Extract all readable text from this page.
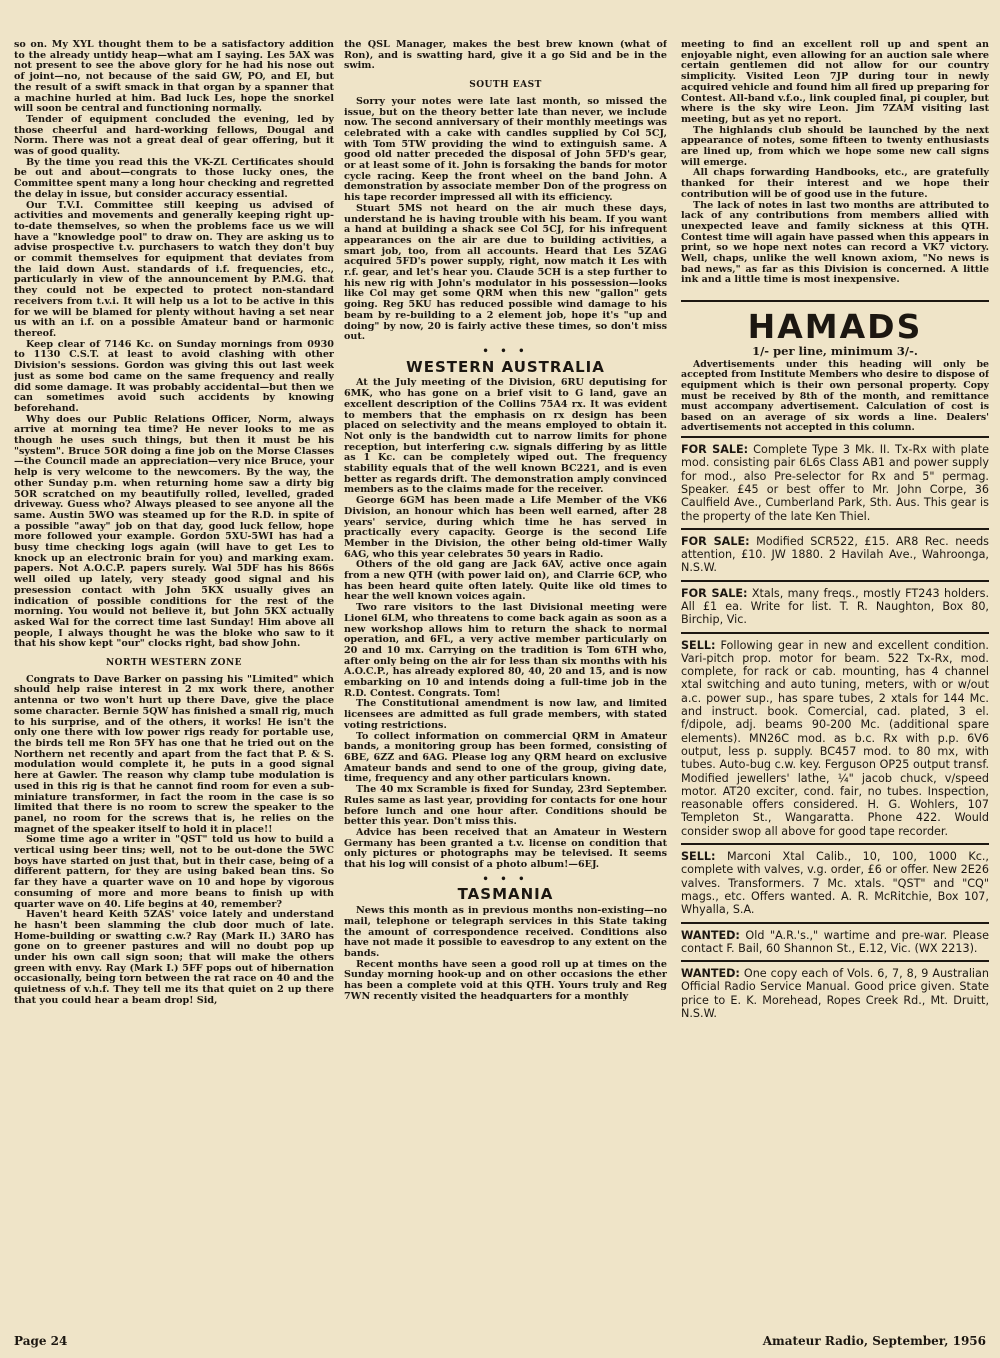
so on. My XYL thought them to be a satisfactory addition to the already untidy heap—what am I saying. Les 5AX was not present to see the above glory for he had his nose out of joint—no, not because of the said GW, PO, and EI, but the result of a swift smack in that organ by a spanner that a machine hurled at him. Bad luck Les, hope the snorkel will soon be central and functioning normally.

Tender of equipment concluded the evening, led by those cheerful and hard-working fellows, Dougal and Norm. There was not a great deal of gear offering, but it was of good quality.

By the time you read this the VK-ZL Certificates should be out and about—congrats to those lucky ones, the Committee spent many a long hour checking and regretted the delay in issue, but consider accuracy essential.

Our T.V.I. Committee still keeping us advised of activities and movements and generally keeping right up-to-date themselves, so when the problems face us we will have a "knowledge pool" to draw on. They are asking us to advise prospective t.v. purchasers to watch they don't buy or commit themselves for equipment that deviates from the laid down Aust. standards of i.f. frequencies, etc., particularly in view of the announcement by P.M.G. that they could not be expected to protect non-standard receivers from t.v.i. It will help us a lot to be active in this for we will be blamed for plenty without having a set near us with an i.f. on a possible Amateur band or harmonic thereof.

Keep clear of 7146 Kc. on Sunday mornings from 0930 to 1130 C.S.T. at least to avoid clashing with other Division's sessions. Gordon was giving this out last week just as some bod came on the same frequency and really did some damage. It was probably accidental—but then we can sometimes avoid such accidents by knowing beforehand.

Why does our Public Relations Officer, Norm, always arrive at morning tea time? He never looks to me as though he uses such things, but then it must be his "system". Bruce 5OR doing a fine job on the Morse Classes—the Council made an appreciation—very nice Bruce, your help is very welcome to the newcomers. By the way, the other Sunday p.m. when returning home saw a dirty big 5OR scratched on my beautifully rolled, levelled, graded driveway. Guess who? Always pleased to see anyone all the same. Austin 5WO was steamed up for the R.D. in spite of a possible "away" job on that day, good luck fellow, hope more followed your example. Gordon 5XU-5WI has had a busy time checking logs again (will have to get Les to knock up an electronic brain for you) and marking exam. papers. Not A.O.C.P. papers surely. Wal 5DF has his 866s well oiled up lately, very steady good signal and his presession contact with John 5KX usually gives an indication of possible conditions for the rest of the morning. You would not believe it, but John 5KX actually asked Wal for the correct time last Sunday! Him above all people, I always thought he was the bloke who saw to it that his show kept "our" clocks right, bad show John.

NORTH WESTERN ZONE

Congrats to Dave Barker on passing his "Limited" which should help raise interest in 2 mx work there, another antenna or two won't hurt up there Dave, give the place some character. Bernie 5QW has finished a small rig, much to his surprise, and of the others, it works! He isn't the only one there with low power rigs ready for portable use, the birds tell me Ron 5FY has one that he tried out on the Northern net recently and apart from the fact that P. & S. modulation would complete it, he puts in a good signal here at Gawler. The reason why clamp tube modulation is used in this rig is that he cannot find room for even a sub-miniature transformer, in fact the room in the case is so limited that there is no room to screw the speaker to the panel, no room for the screws that is, he relies on the magnet of the speaker itself to hold it in place!!

Some time ago a writer in "QST" told us how to build a vertical using beer tins; well, not to be out-done the 5WC boys have started on just that, but in their case, being of a different pattern, for they are using baked bean tins. So far they have a quarter wave on 10 and hope by vigorous consuming of more and more beans to finish up with quarter wave on 40. Life begins at 40, remember?

Haven't heard Keith 5ZAS' voice lately and understand he hasn't been slamming the club door much of late. Home-building or swatting c.w.? Ray (Mark II.) 3ARO has gone on to greener pastures and will no doubt pop up under his own call sign soon; that will make the others green with envy. Ray (Mark I.) 5FF pops out of hibernation occasionally, being torn between the rat race on 40 and the quietness of v.h.f. They tell me its that quiet on 2 up there that you could hear a beam drop! Sid,

the QSL Manager, makes the best brew known (what of Ron), and is swatting hard, give it a go Sid and be in the swim.

SOUTH EAST

Sorry your notes were late last month, so missed the issue, but on the theory better late than never, we include now. The second anniversary of their monthly meetings was celebrated with a cake with candles supplied by Col 5CJ, with Tom 5TW providing the wind to extinguish same. A good old natter preceded the disposal of John 5FD's gear, or at least some of it. John is forsaking the bands for motor cycle racing. Keep the front wheel on the band John. A demonstration by associate member Don of the progress on his tape recorder impressed all with its efficiency.

Stuart 5MS not heard on the air much these days, understand he is having trouble with his beam. If you want a hand at building a shack see Col 5CJ, for his infrequent appearances on the air are due to building activities, a smart job, too, from all accounts. Heard that Les 5ZAG acquired 5FD's power supply, right, now match it Les with r.f. gear, and let's hear you. Claude 5CH is a step further to his new rig with John's modulator in his possession—looks like Col may get some QRM when this new "gallon" gets going. Reg 5KU has reduced possible wind damage to his beam by re-building to a 2 element job, hope it's "up and doing" by now, 20 is fairly active these times, so don't miss out.

• • •
WESTERN AUSTRALIA

At the July meeting of the Division, 6RU deputising for 6MK, who has gone on a brief visit to G land, gave an excellent description of the Collins 75A4 rx. It was evident to members that the emphasis on rx design has been placed on selectivity and the means employed to obtain it. Not only is the bandwidth cut to narrow limits for phone reception, but interfering c.w. signals differing by as little as 1 Kc. can be completely wiped out. The frequency stability equals that of the well known BC221, and is even better as regards drift. The demonstration amply convinced members as to the claims made for the receiver.

George 6GM has been made a Life Member of the VK6 Division, an honour which has been well earned, after 28 years' service, during which time he has served in practically every capacity. George is the second Life Member in the Division, the other being old-timer Wally 6AG, who this year celebrates 50 years in Radio.

Others of the old gang are Jack 6AV, active once again from a new QTH (with power laid on), and Clarrie 6CP, who has been heard quite often lately. Quite like old times to hear the well known voices again.

Two rare visitors to the last Divisional meeting were Lionel 6LM, who threatens to come back again as soon as a new workshop allows him to return the shack to normal operation, and 6FL, a very active member particularly on 20 and 10 mx. Carrying on the tradition is Tom 6TH who, after only being on the air for less than six months with his A.O.C.P., has already explored 80, 40, 20 and 15, and is now embarking on 10 and intends doing a full-time job in the R.D. Contest. Congrats. Tom!

The Constitutional amendment is now law, and limited licensees are admitted as full grade members, with stated voting restrictions.

To collect information on commercial QRM in Amateur bands, a monitoring group has been formed, consisting of 6BE, 6ZZ and 6AG. Please log any QRM heard on exclusive Amateur bands and send to one of the group, giving date, time, frequency and any other particulars known.

The 40 mx Scramble is fixed for Sunday, 23rd September. Rules same as last year, providing for contacts for one hour before lunch and one hour after. Conditions should be better this year. Don't miss this.

Advice has been received that an Amateur in Western Germany has been granted a t.v. license on condition that only pictures or photographs may be televised. It seems that his log will consist of a photo album!—6EJ.

• • •
TASMANIA

News this month as in previous months non-existing—no mail, telephone or telegraph services in this State taking the amount of correspondence received. Conditions also have not made it possible to eavesdrop to any extent on the bands.

Recent months have seen a good roll up at times on the Sunday morning hook-up and on other occasions the ether has been a complete void at this QTH. Yours truly and Reg 7WN recently visited the headquarters for a monthly

meeting to find an excellent roll up and spent an enjoyable night, even allowing for an auction sale where certain gentlemen did not allow for our country simplicity. Visited Leon 7JP during tour in newly acquired vehicle and found him all fired up preparing for Contest. All-band v.f.o., link coupled final, pi coupler, but where is the sky wire Leon. Jim 7ZAM visiting last meeting, but as yet no report.

The highlands club should be launched by the next appearance of notes, some fifteen to twenty enthusiasts are lined up, from which we hope some new call signs will emerge.

All chaps forwarding Handbooks, etc., are gratefully thanked for their interest and we hope their contribution will be of good use in the future.

The lack of notes in last two months are attributed to lack of any contributions from members allied with unexpected leave and family sickness at this QTH. Contest time will again have passed when this appears in print, so we hope next notes can record a VK7 victory. Well, chaps, unlike the well known axiom, "No news is bad news," as far as this Division is concerned. A little ink and a little time is most inexpensive.

HAMADS
1/- per line, minimum 3/-.

Advertisements under this heading will only be accepted from Institute Members who desire to dispose of equipment which is their own personal property. Copy must be received by 8th of the month, and remittance must accompany advertisement. Calculation of cost is based on an average of six words a line. Dealers' advertisements not accepted in this column.

FOR SALE: Complete Type 3 Mk. II. Tx-Rx with plate mod. consisting pair 6L6s Class AB1 and power supply for mod., also Pre-selector for Rx and 5" permag. Speaker. £45 or best offer to Mr. John Corpe, 36 Caulfield Ave., Cumberland Park, Sth. Aus. This gear is the property of the late Ken Thiel.

FOR SALE: Modified SCR522, £15. AR8 Rec. needs attention, £10. JW 1880. 2 Havilah Ave., Wahroonga, N.S.W.

FOR SALE: Xtals, many freqs., mostly FT243 holders. All £1 ea. Write for list. T. R. Naughton, Box 80, Birchip, Vic.

SELL: Following gear in new and excellent condition. Vari-pitch prop. motor for beam. 522 Tx-Rx, mod. complete, for rack or cab. mounting, has 4 channel xtal switching and auto tuning, meters, with or w/out a.c. power sup., has spare tubes, 2 xtals for 144 Mc. and instruct. book. Comercial, cad. plated, 3 el. f/dipole, adj. beams 90-200 Mc. (additional spare elements). MN26C mod. as b.c. Rx with p.p. 6V6 output, less p. supply. BC457 mod. to 80 mx, with tubes. Auto-bug c.w. key. Ferguson OP25 output transf. Modified jewellers' lathe, ¼" jacob chuck, v/speed motor. AT20 exciter, cond. fair, no tubes. Inspection, reasonable offers considered. H. G. Wohlers, 107 Templeton St., Wangaratta. Phone 422. Would consider swop all above for good tape recorder.

SELL: Marconi Xtal Calib., 10, 100, 1000 Kc., complete with valves, v.g. order, £6 or offer. New 2E26 valves. Transformers. 7 Mc. xtals. "QST" and "CQ" mags., etc. Offers wanted. A. R. McRitchie, Box 107, Whyalla, S.A.

WANTED: Old "A.R.'s.," wartime and pre-war. Please contact F. Bail, 60 Shannon St., E.12, Vic. (WX 2213).

WANTED: One copy each of Vols. 6, 7, 8, 9 Australian Official Radio Service Manual. Good price given. State price to E. K. Morehead, Ropes Creek Rd., Mt. Druitt, N.S.W.

Page 24	Amateur Radio, September, 1956
